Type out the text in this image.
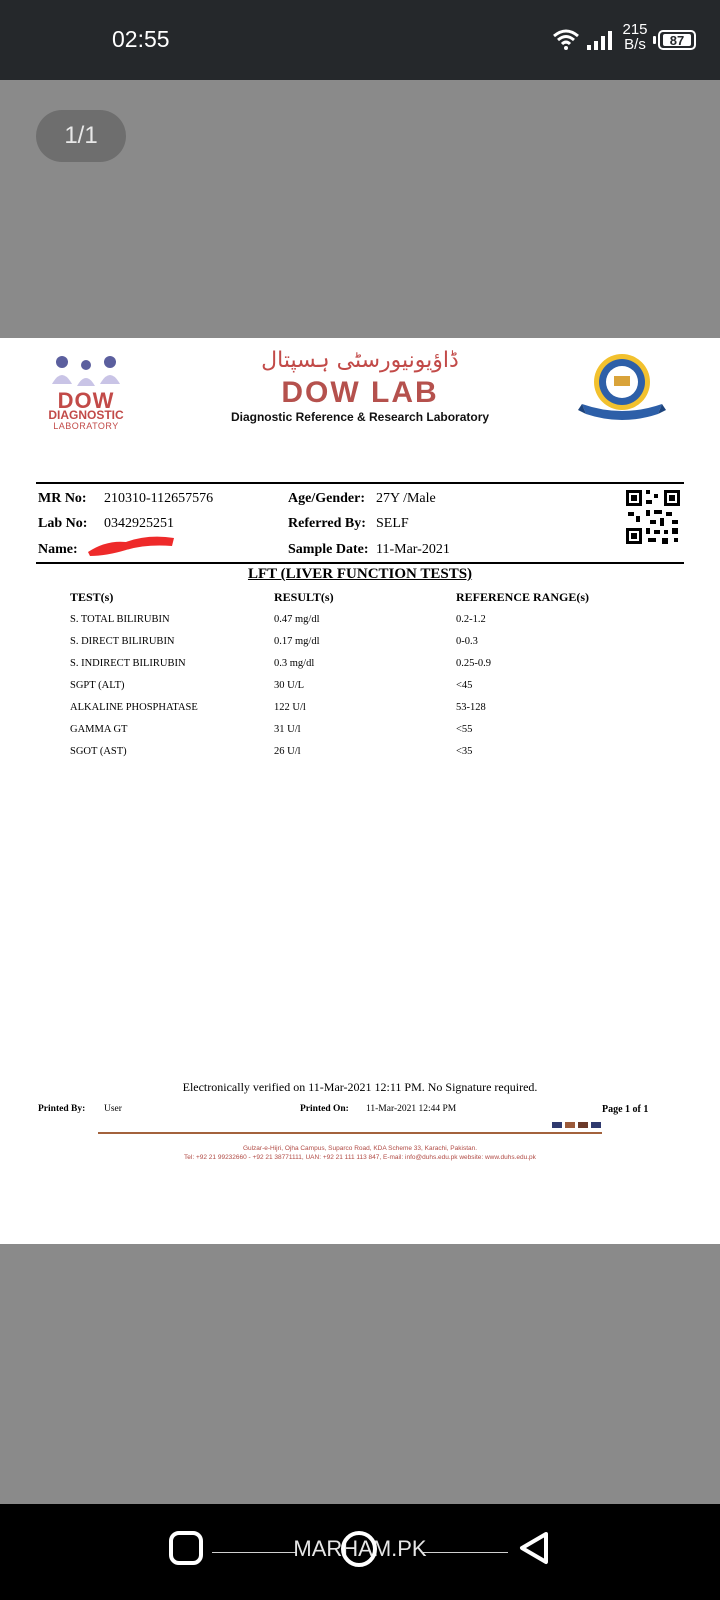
02:55	215
B/s	87
1/1
DOW
DIAGNOSTIC
LABORATORY
ڈاؤیونیورسٹی ہسپتال
DOW LAB
Diagnostic Reference & Research Laboratory
MR No: 210310-112657576	Age/Gender: 27Y /Male
Lab No: 0342925251	Referred By: SELF
Name:	Sample Date: 11-Mar-2021
LFT (LIVER FUNCTION TESTS)
TEST(s)	RESULT(s)	REFERENCE RANGE(s)
S. TOTAL BILIRUBIN	0.47 mg/dl	0.2-1.2
S. DIRECT BILIRUBIN	0.17 mg/dl	0-0.3
S. INDIRECT BILIRUBIN	0.3 mg/dl	0.25-0.9
SGPT (ALT)	30 U/L	<45
ALKALINE PHOSPHATASE	122 U/l	53-128
GAMMA GT	31 U/l	<55
SGOT (AST)	26 U/l	<35
Electronically verified on 11-Mar-2021 12:11 PM. No Signature required.
Printed By: User	Printed On: 11-Mar-2021 12:44 PM	Page 1 of 1
Gulzar-e-Hijri, Ojha Campus, Suparco Road, KDA Scheme 33, Karachi, Pakistan.
Tel: +92 21 99232660 - +92 21 38771111, UAN: +92 21 111 113 847, E-mail: info@duhs.edu.pk website: www.duhs.edu.pk
MARHAM.PK
